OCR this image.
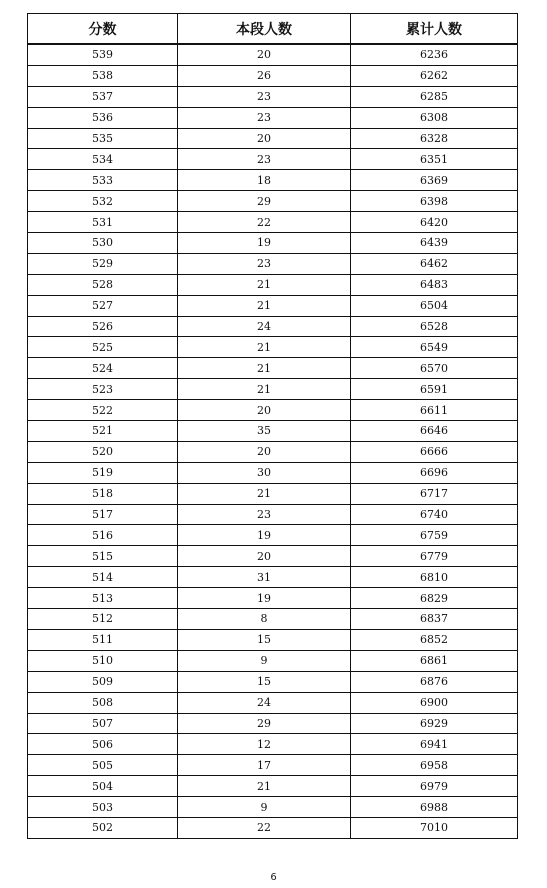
分数	本段人数	累计人数
539	20	6236
538	26	6262
537	23	6285
536	23	6308
535	20	6328
534	23	6351
533	18	6369
532	29	6398
531	22	6420
530	19	6439
529	23	6462
528	21	6483
527	21	6504
526	24	6528
525	21	6549
524	21	6570
523	21	6591
522	20	6611
521	35	6646
520	20	6666
519	30	6696
518	21	6717
517	23	6740
516	19	6759
515	20	6779
514	31	6810
513	19	6829
512	8	6837
511	15	6852
510	9	6861
509	15	6876
508	24	6900
507	29	6929
506	12	6941
505	17	6958
504	21	6979
503	9	6988
502	22	7010
6
